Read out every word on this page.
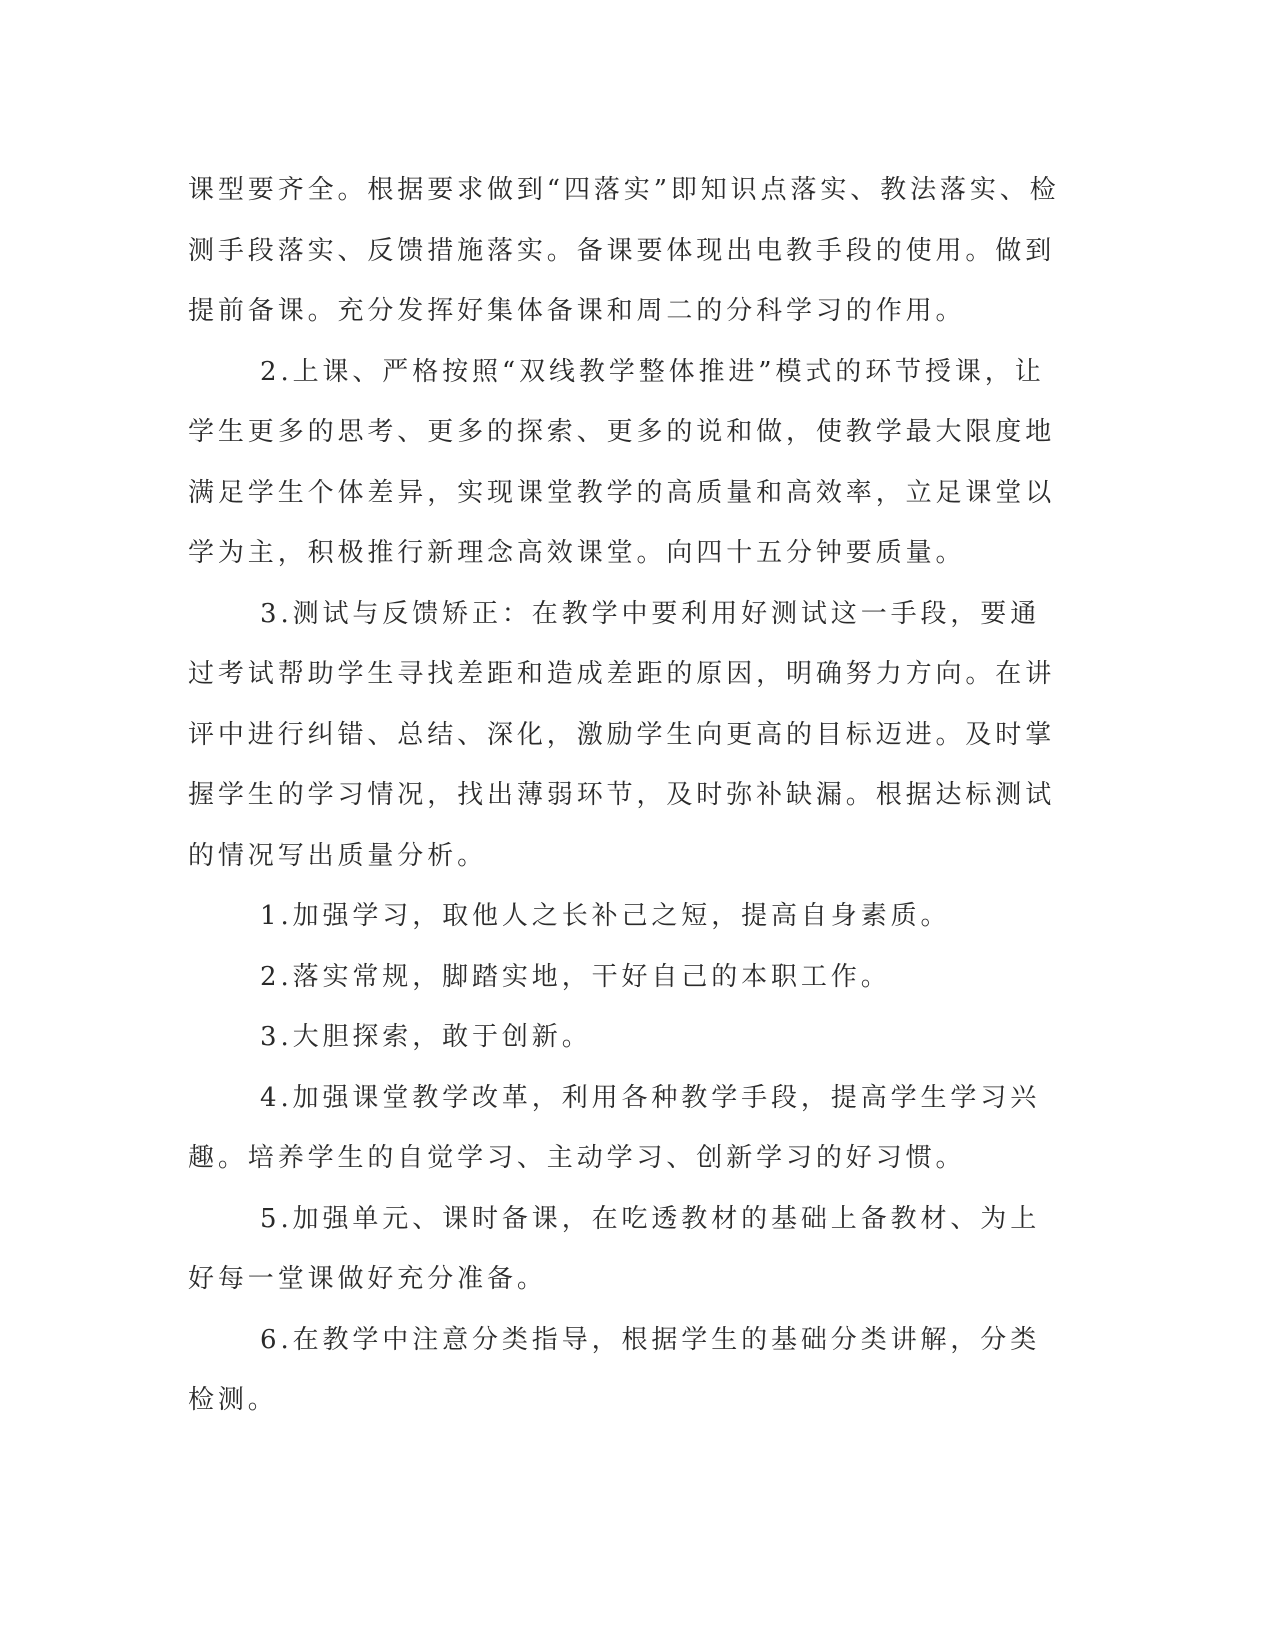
课型要齐全。根据要求做到“四落实”即知识点落实、教法落实、检测手段落实、反馈措施落实。备课要体现出电教手段的使用。做到提前备课。充分发挥好集体备课和周二的分科学习的作用。

2.上课、严格按照“双线教学整体推进”模式的环节授课，让学生更多的思考、更多的探索、更多的说和做，使教学最大限度地满足学生个体差异，实现课堂教学的高质量和高效率，立足课堂以学为主，积极推行新理念高效课堂。向四十五分钟要质量。

3.测试与反馈矫正：在教学中要利用好测试这一手段，要通过考试帮助学生寻找差距和造成差距的原因，明确努力方向。在讲评中进行纠错、总结、深化，激励学生向更高的目标迈进。及时掌握学生的学习情况，找出薄弱环节，及时弥补缺漏。根据达标测试的情况写出质量分析。

1.加强学习，取他人之长补己之短，提高自身素质。

2.落实常规，脚踏实地，干好自己的本职工作。

3.大胆探索，敢于创新。

4.加强课堂教学改革，利用各种教学手段，提高学生学习兴趣。培养学生的自觉学习、主动学习、创新学习的好习惯。

5.加强单元、课时备课，在吃透教材的基础上备教材、为上好每一堂课做好充分准备。

6.在教学中注意分类指导，根据学生的基础分类讲解，分类检测。
